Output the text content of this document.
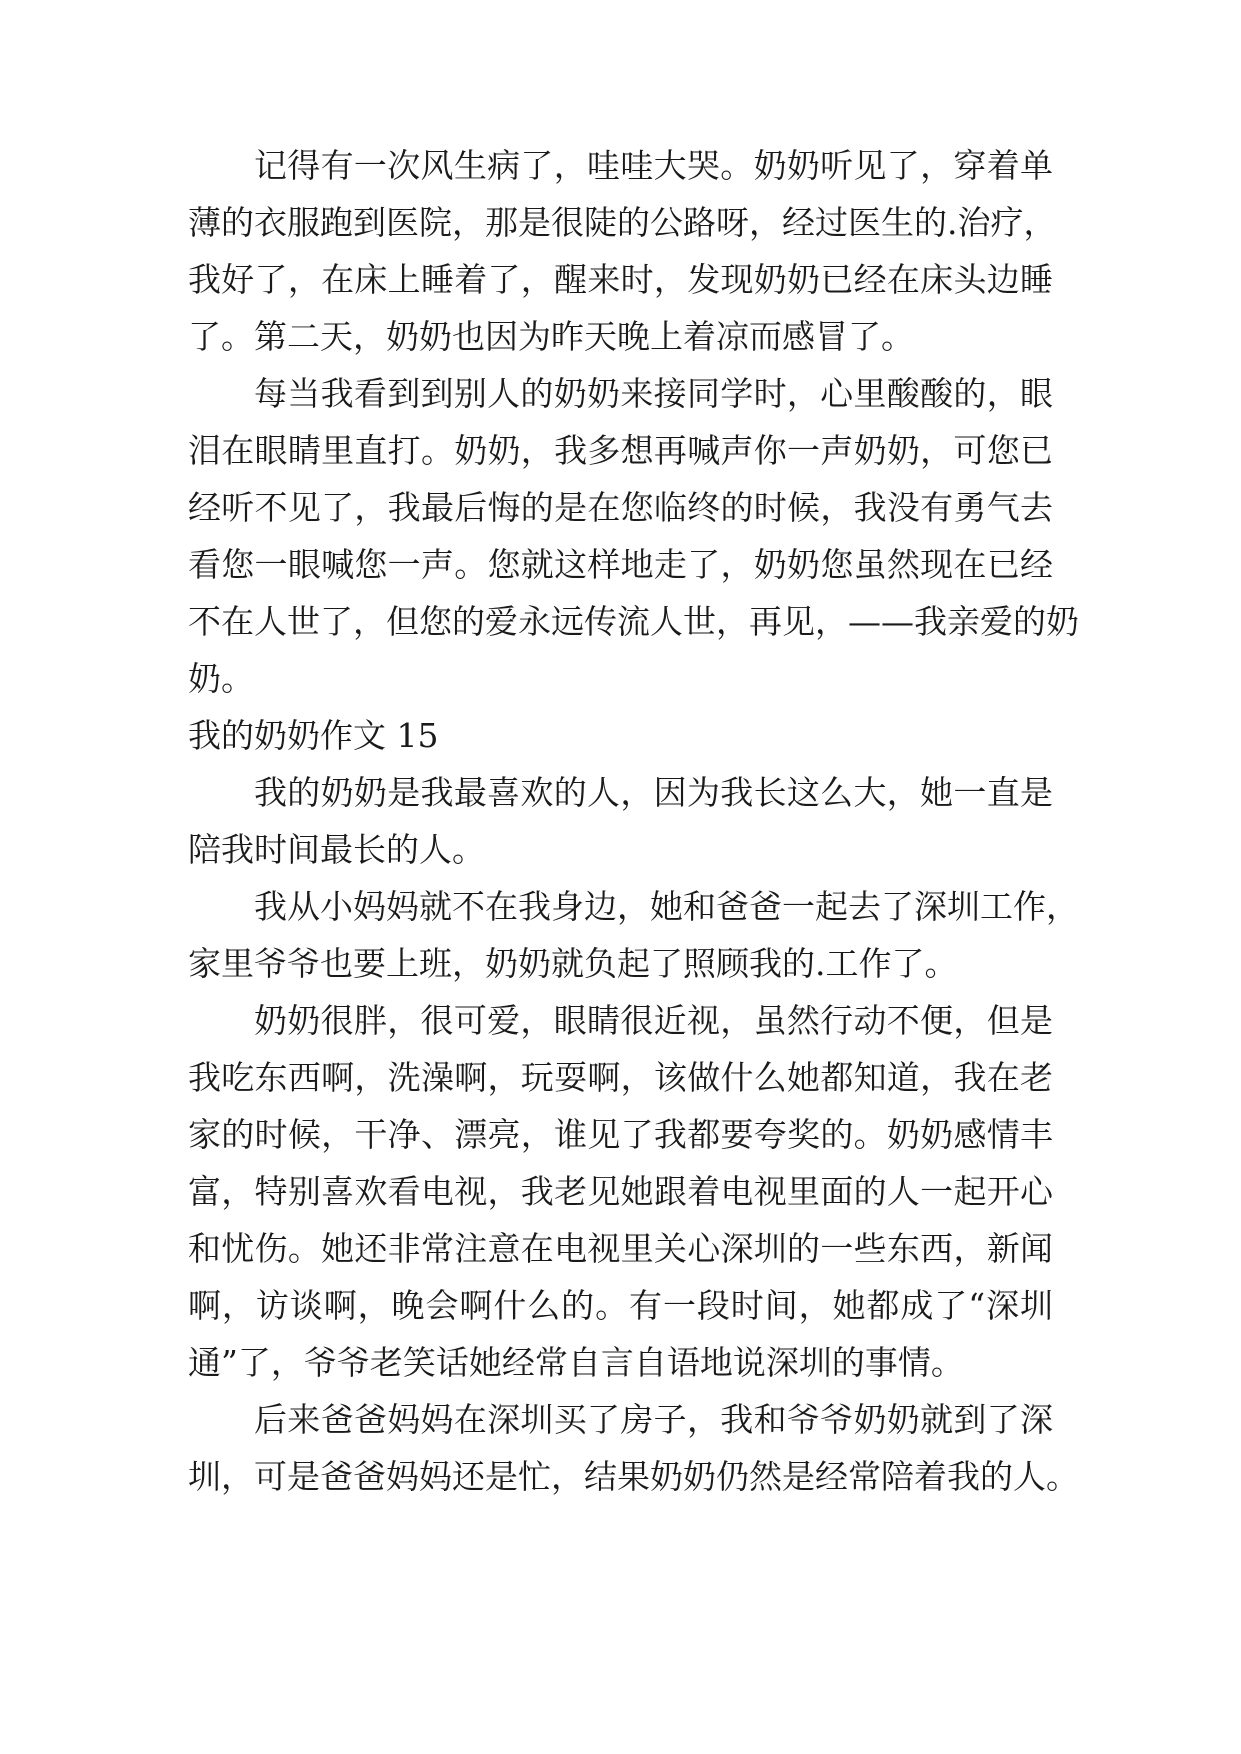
记得有一次风生病了，哇哇大哭。奶奶听见了，穿着单
薄的衣服跑到医院，那是很陡的公路呀，经过医生的.治疗，
我好了，在床上睡着了，醒来时，发现奶奶已经在床头边睡
了。第二天，奶奶也因为昨天晚上着凉而感冒了。
每当我看到到别人的奶奶来接同学时，心里酸酸的，眼
泪在眼睛里直打。奶奶，我多想再喊声你一声奶奶，可您已
经听不见了，我最后悔的是在您临终的时候，我没有勇气去
看您一眼喊您一声。您就这样地走了，奶奶您虽然现在已经
不在人世了，但您的爱永远传流人世，再见，——我亲爱的奶
奶。
我的奶奶作文 15
我的奶奶是我最喜欢的人，因为我长这么大，她一直是
陪我时间最长的人。
我从小妈妈就不在我身边，她和爸爸一起去了深圳工作，
家里爷爷也要上班，奶奶就负起了照顾我的.工作了。
奶奶很胖，很可爱，眼睛很近视，虽然行动不便，但是
我吃东西啊，洗澡啊，玩耍啊，该做什么她都知道，我在老
家的时候，干净、漂亮，谁见了我都要夸奖的。奶奶感情丰
富，特别喜欢看电视，我老见她跟着电视里面的人一起开心
和忧伤。她还非常注意在电视里关心深圳的一些东西，新闻
啊，访谈啊，晚会啊什么的。有一段时间，她都成了“深圳
通”了，爷爷老笑话她经常自言自语地说深圳的事情。
后来爸爸妈妈在深圳买了房子，我和爷爷奶奶就到了深
圳，可是爸爸妈妈还是忙，结果奶奶仍然是经常陪着我的人。
